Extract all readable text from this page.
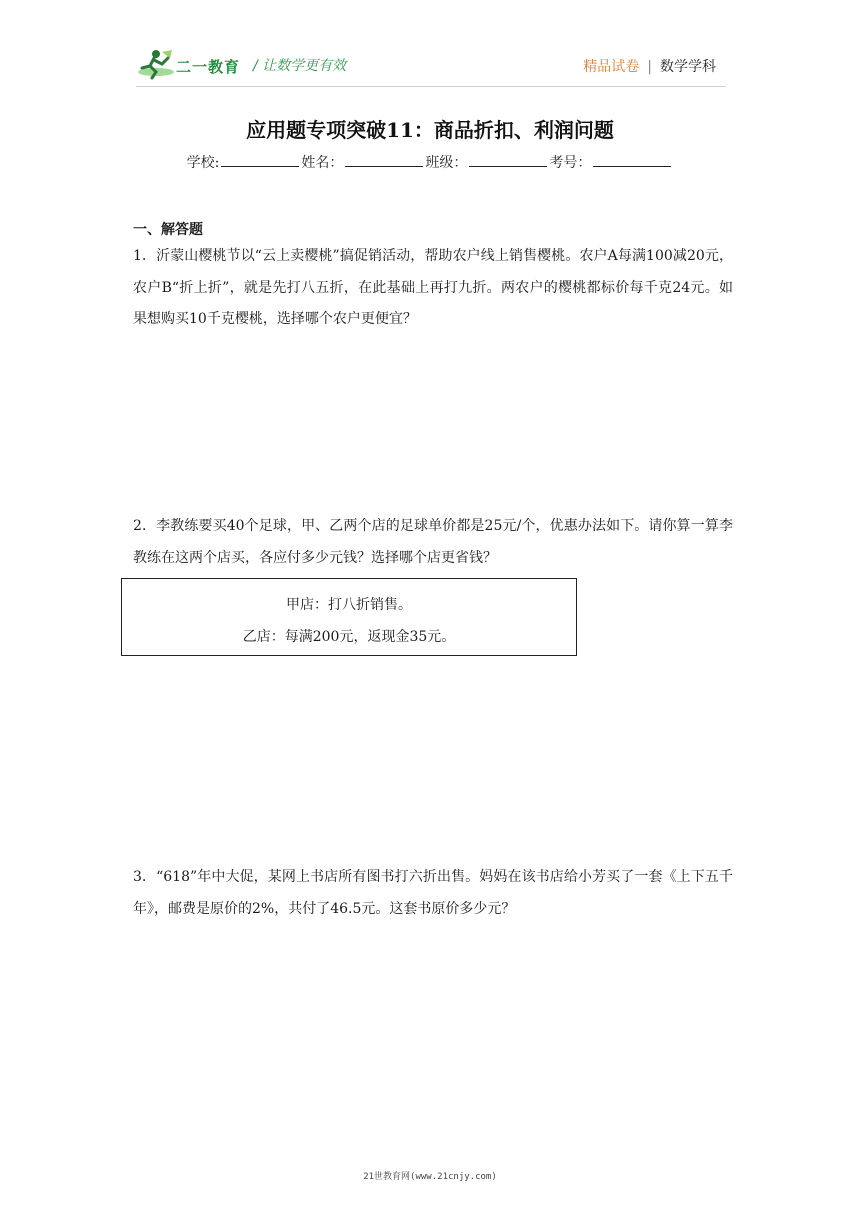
二一教育 / 让数学更有效	精品试卷 | 数学学科
应用题专项突破11：商品折扣、利润问题
学校:	姓名：	班级：	考号：
一、解答题
1．沂蒙山樱桃节以“云上卖樱桃”搞促销活动，帮助农户线上销售樱桃。农户A每满100减20元，农户B“折上折”，就是先打八五折，在此基础上再打九折。两农户的樱桃都标价每千克24元。如果想购买10千克樱桃，选择哪个农户更便宜？
2．李教练要买40个足球，甲、乙两个店的足球单价都是25元/个，优惠办法如下。请你算一算李教练在这两个店买，各应付多少元钱？选择哪个店更省钱？
甲店：打八折销售。
乙店：每满200元，返现金35元。
3．“618”年中大促，某网上书店所有图书打六折出售。妈妈在该书店给小芳买了一套《上下五千年》，邮费是原价的2%，共付了46.5元。这套书原价多少元？
21世教育网(www.21cnjy.com)
